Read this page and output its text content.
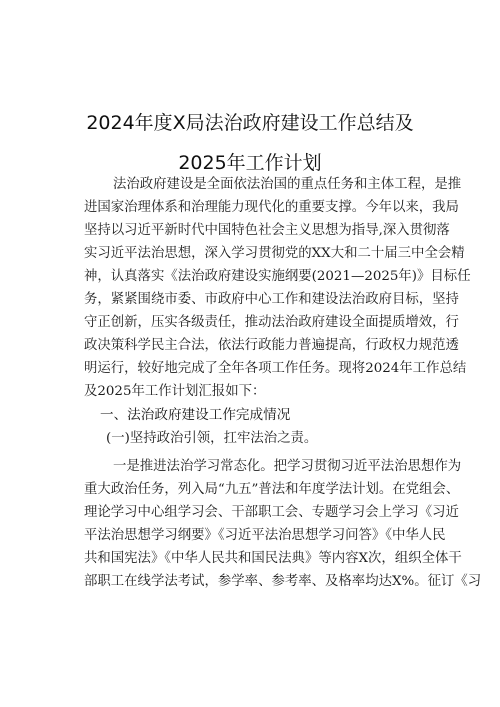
2024年度X局法治政府建设工作总结及
2025年工作计划
法治政府建设是全面依法治国的重点任务和主体工程，是推
进国家治理体系和治理能力现代化的重要支撑。今年以来，我局
坚持以习近平新时代中国特色社会主义思想为指导,深入贯彻落
实习近平法治思想，深入学习贯彻党的XX大和二十届三中全会精
神，认真落实《法治政府建设实施纲要(2021—2025年)》目标任
务，紧紧围绕市委、市政府中心工作和建设法治政府目标，坚持
守正创新，压实各级责任，推动法治政府建设全面提质增效，行
政决策科学民主合法，依法行政能力普遍提高，行政权力规范透
明运行，较好地完成了全年各项工作任务。现将2024年工作总结
及2025年工作计划汇报如下：
一、法治政府建设工作完成情况
(一)坚持政治引领，扛牢法治之责。
一是推进法治学习常态化。把学习贯彻习近平法治思想作为
重大政治任务，列入局“九五”普法和年度学法计划。在党组会、
理论学习中心组学习会、干部职工会、专题学习会上学习《习近
平法治思想学习纲要》《习近平法治思想学习问答》《中华人民
共和国宪法》《中华人民共和国民法典》等内容X次，组织全体干
部职工在线学法考试，参学率、参考率、及格率均达X%。征订《习
